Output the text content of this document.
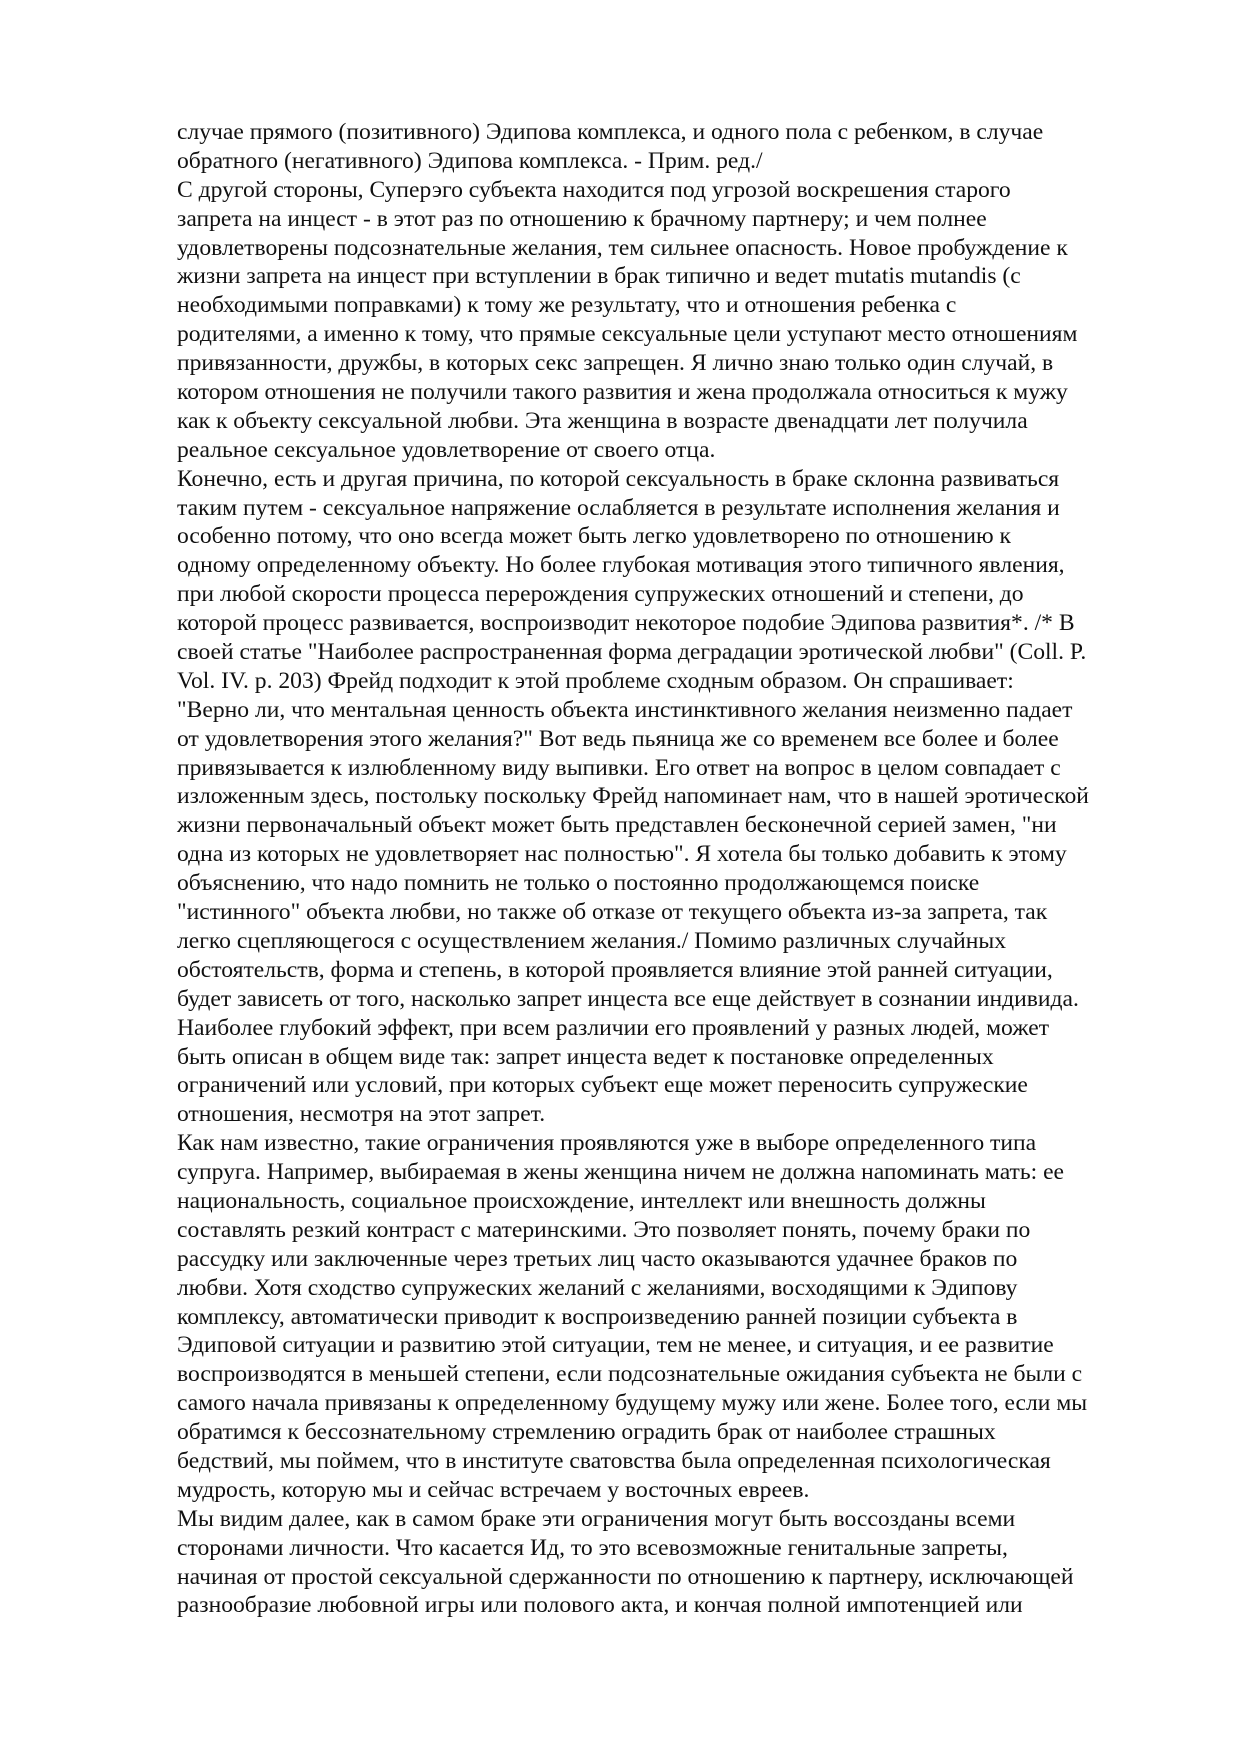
случае прямого (позитивного) Эдипова комплекса, и одного пола с ребенком, в случае
обратного (негативного) Эдипова комплекса. - Прим. ред./
С другой стороны, Суперэго субъекта находится под угрозой воскрешения старого
запрета на инцест - в этот раз по отношению к брачному партнеру; и чем полнее
удовлетворены подсознательные желания, тем сильнее опасность. Новое пробуждение к
жизни запрета на инцест при вступлении в брак типично и ведет mutatis mutandis (с
необходимыми поправками) к тому же результату, что и отношения ребенка с
родителями, а именно к тому, что прямые сексуальные цели уступают место отношениям
привязанности, дружбы, в которых секс запрещен. Я лично знаю только один случай, в
котором отношения не получили такого развития и жена продолжала относиться к мужу
как к объекту сексуальной любви. Эта женщина в возрасте двенадцати лет получила
реальное сексуальное удовлетворение от своего отца.
Конечно, есть и другая причина, по которой сексуальность в браке склонна развиваться
таким путем - сексуальное напряжение ослабляется в результате исполнения желания и
особенно потому, что оно всегда может быть легко удовлетворено по отношению к
одному определенному объекту. Но более глубокая мотивация этого типичного явления,
при любой скорости процесса перерождения супружеских отношений и степени, до
которой процесс развивается, воспроизводит некоторое подобие Эдипова развития*. /* В
своей статье "Наиболее распространенная форма деградации эротической любви" (Coll. P.
Vol. IV. p. 203) Фрейд подходит к этой проблеме сходным образом. Он спрашивает:
"Верно ли, что ментальная ценность объекта инстинктивного желания неизменно падает
от удовлетворения этого желания?" Вот ведь пьяница же со временем все более и более
привязывается к излюбленному виду выпивки. Его ответ на вопрос в целом совпадает с
изложенным здесь, постольку поскольку Фрейд напоминает нам, что в нашей эротической
жизни первоначальный объект может быть представлен бесконечной серией замен, "ни
одна из которых не удовлетворяет нас полностью". Я хотела бы только добавить к этому
объяснению, что надо помнить не только о постоянно продолжающемся поиске
"истинного" объекта любви, но также об отказе от текущего объекта из-за запрета, так
легко сцепляющегося с осуществлением желания./ Помимо различных случайных
обстоятельств, форма и степень, в которой проявляется влияние этой ранней ситуации,
будет зависеть от того, насколько запрет инцеста все еще действует в сознании индивида.
Наиболее глубокий эффект, при всем различии его проявлений у разных людей, может
быть описан в общем виде так: запрет инцеста ведет к постановке определенных
ограничений или условий, при которых субъект еще может переносить супружеские
отношения, несмотря на этот запрет.
Как нам известно, такие ограничения проявляются уже в выборе определенного типа
супруга. Например, выбираемая в жены женщина ничем не должна напоминать мать: ее
национальность, социальное происхождение, интеллект или внешность должны
составлять резкий контраст с материнскими. Это позволяет понять, почему браки по
рассудку или заключенные через третьих лиц часто оказываются удачнее браков по
любви. Хотя сходство супружеских желаний с желаниями, восходящими к Эдипову
комплексу, автоматически приводит к воспроизведению ранней позиции субъекта в
Эдиповой ситуации и развитию этой ситуации, тем не менее, и ситуация, и ее развитие
воспроизводятся в меньшей степени, если подсознательные ожидания субъекта не были с
самого начала привязаны к определенному будущему мужу или жене. Более того, если мы
обратимся к бессознательному стремлению оградить брак от наиболее страшных
бедствий, мы поймем, что в институте сватовства была определенная психологическая
мудрость, которую мы и сейчас встречаем у восточных евреев.
Мы видим далее, как в самом браке эти ограничения могут быть воссозданы всеми
сторонами личности. Что касается Ид, то это всевозможные генитальные запреты,
начиная от простой сексуальной сдержанности по отношению к партнеру, исключающей
разнообразие любовной игры или полового акта, и кончая полной импотенцией или
